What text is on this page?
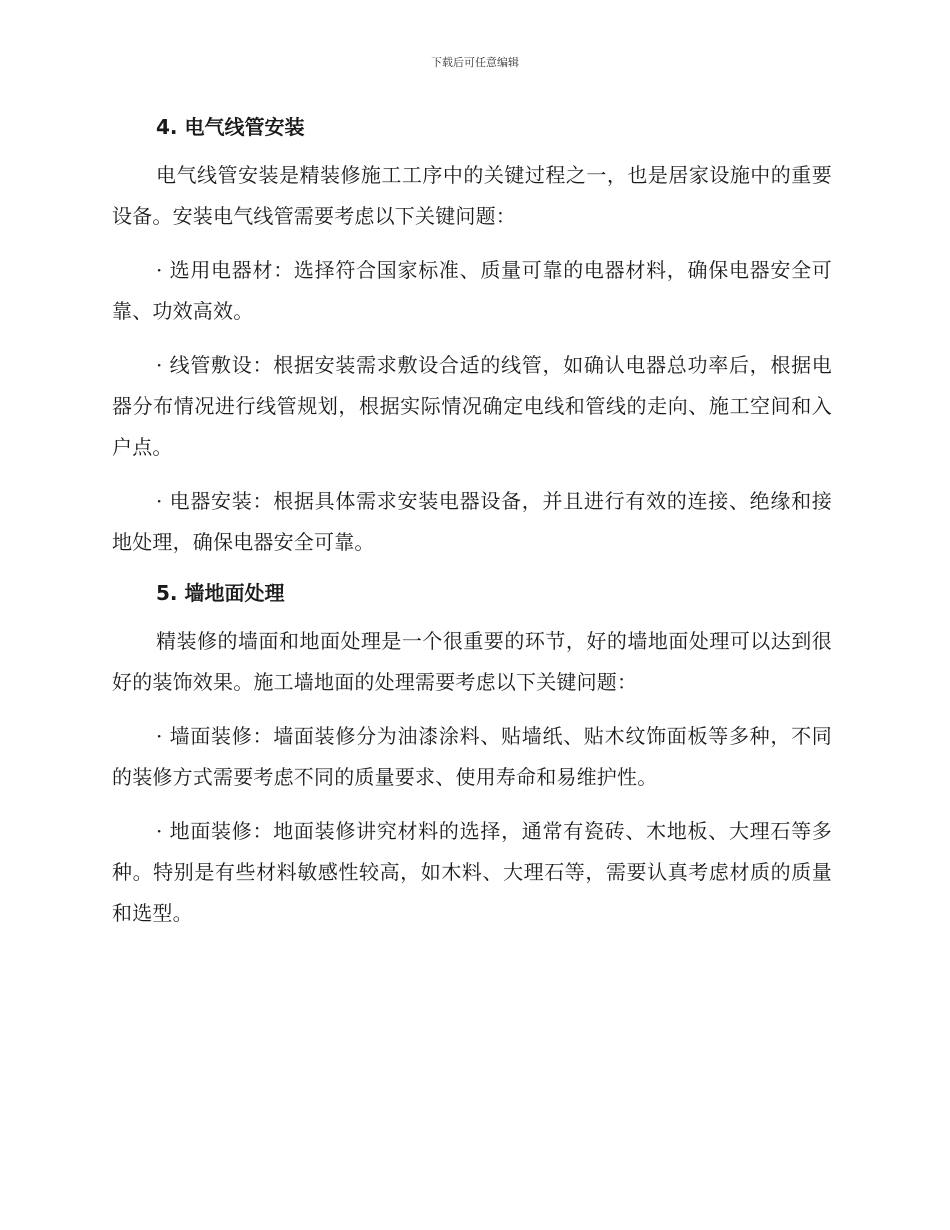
下载后可任意编辑
4. 电气线管安装

电气线管安装是精装修施工工序中的关键过程之一，也是居家设施中的重要设备。安装电气线管需要考虑以下关键问题：

· 选用电器材：选择符合国家标准、质量可靠的电器材料，确保电器安全可靠、功效高效。

· 线管敷设：根据安装需求敷设合适的线管，如确认电器总功率后，根据电器分布情况进行线管规划，根据实际情况确定电线和管线的走向、施工空间和入户点。

· 电器安装：根据具体需求安装电器设备，并且进行有效的连接、绝缘和接地处理，确保电器安全可靠。

5. 墙地面处理

精装修的墙面和地面处理是一个很重要的环节，好的墙地面处理可以达到很好的装饰效果。施工墙地面的处理需要考虑以下关键问题：

· 墙面装修：墙面装修分为油漆涂料、贴墙纸、贴木纹饰面板等多种，不同的装修方式需要考虑不同的质量要求、使用寿命和易维护性。

· 地面装修：地面装修讲究材料的选择，通常有瓷砖、木地板、大理石等多种。特别是有些材料敏感性较高，如木料、大理石等，需要认真考虑材质的质量和选型。
